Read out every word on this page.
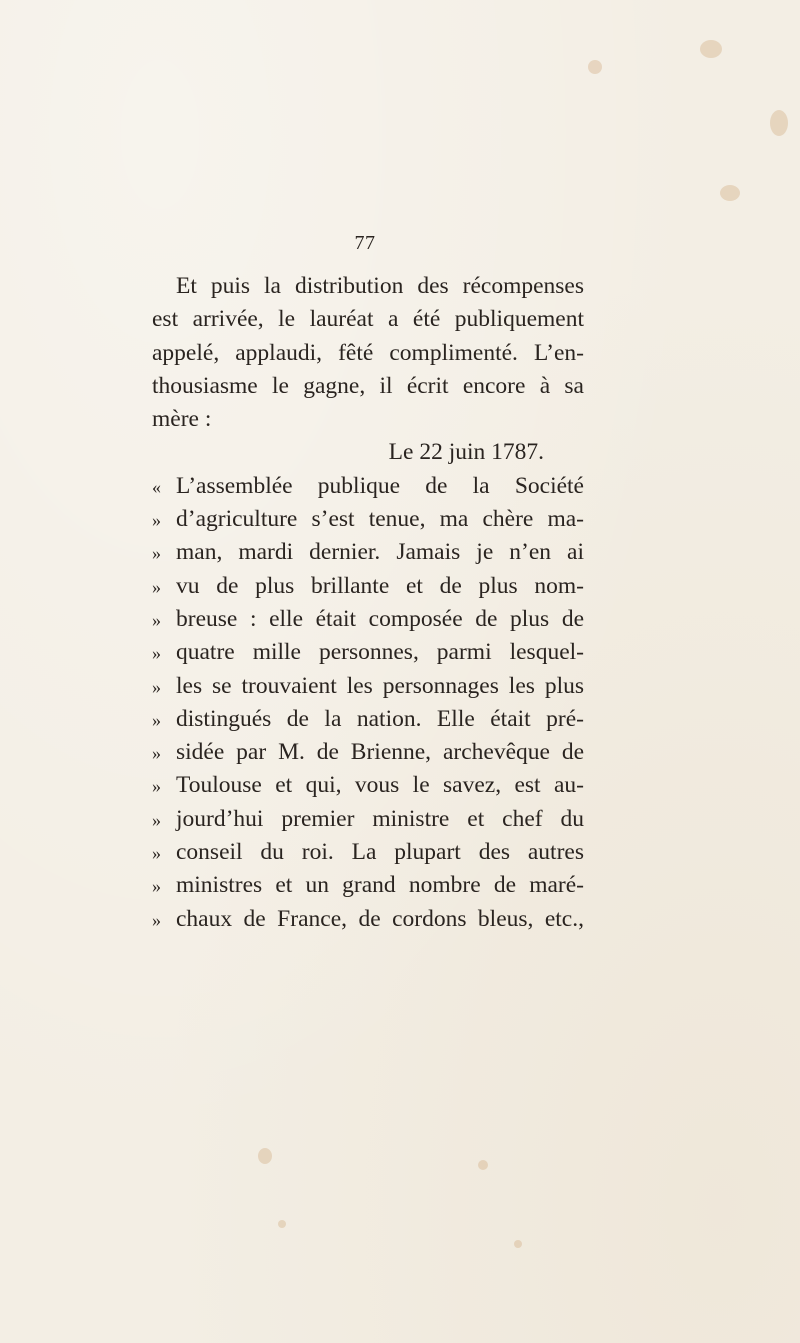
77
Et puis la distribution des récompenses
est arrivée, le lauréat a été publiquement
appelé, applaudi, fêté complimenté. L’en-
thousiasme le gagne, il écrit encore à sa
mère :
Le 22 juin 1787.
« L’assemblée publique de la Société
» d’agriculture s’est tenue, ma chère ma-
» man, mardi dernier. Jamais je n’en ai
» vu de plus brillante et de plus nom-
» breuse : elle était composée de plus de
» quatre mille personnes, parmi lesquel-
» les se trouvaient les personnages les plus
» distingués de la nation. Elle était pré-
» sidée par M. de Brienne, archevêque de
» Toulouse et qui, vous le savez, est au-
» jourd’hui premier ministre et chef du
» conseil du roi. La plupart des autres
» ministres et un grand nombre de maré-
» chaux de France, de cordons bleus, etc.,
